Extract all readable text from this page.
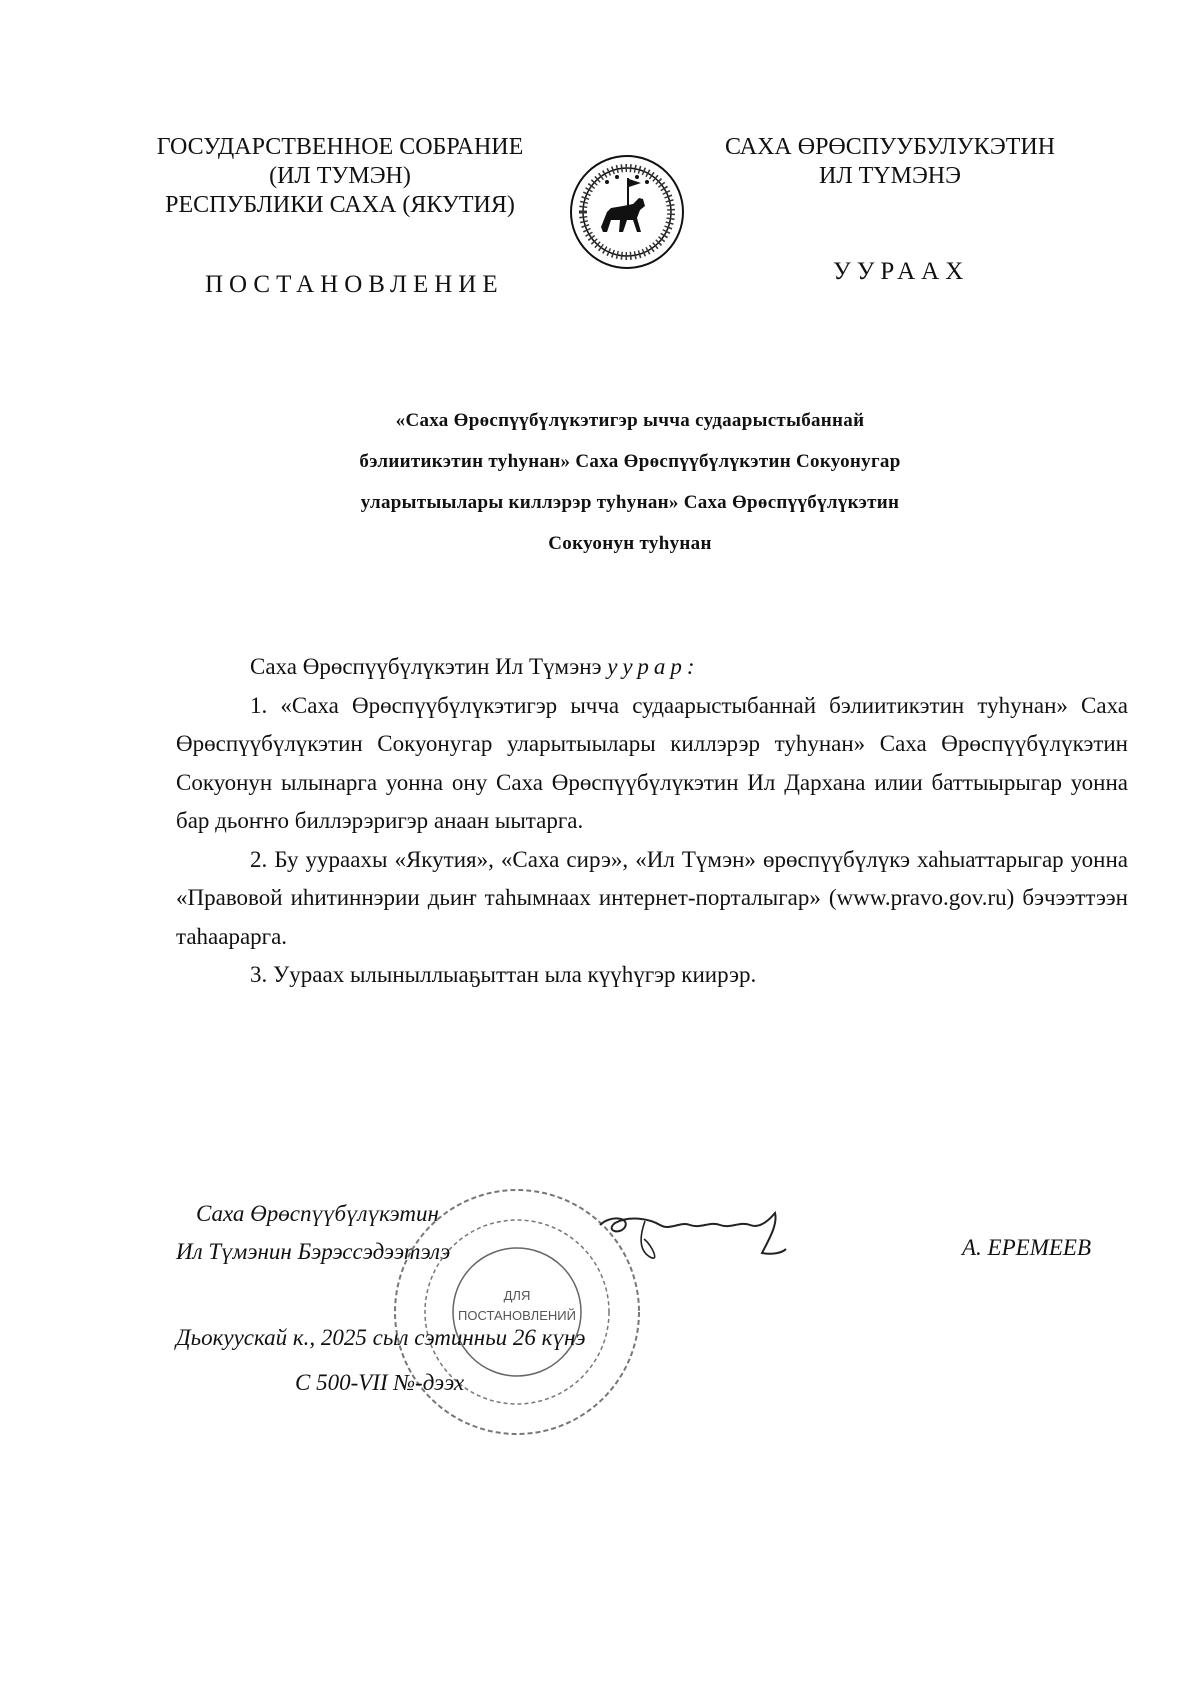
ГОСУДАРСТВЕННОЕ СОБРАНИЕ
(ИЛ ТУМЭН)
РЕСПУБЛИКИ САХА (ЯКУТИЯ)
САХА ӨРӨСПУУБУЛУКЭТИН
ИЛ ТҮМЭНЭ
ПОСТАНОВЛЕНИЕ	УУРААХ
«Саха Өрөспүүбүлүкэтигэр ычча судаарыстыбаннай
бэлиитикэтин туһунан» Саха Өрөспүүбүлүкэтин Сокуонугар
уларытыылары киллэрэр туһунан» Саха Өрөспүүбүлүкэтин
Сокуонун туһунан

Саха Өрөспүүбүлүкэтин Ил Түмэнэ уурар:

1. «Саха Өрөспүүбүлүкэтигэр ычча судаарыстыбаннай бэлиитикэтин туһунан» Саха Өрөспүүбүлүкэтин Сокуонугар уларытыылары киллэрэр туһунан» Саха Өрөспүүбүлүкэтин Сокуонун ылынарга уонна ону Саха Өрөспүүбүлүкэтин Ил Дарханa илии баттыырыгар уонна бар дьоҥҥо биллэрэригэр анаан ыытарга.

2. Бу уураахы «Якутия», «Саха сирэ», «Ил Түмэн» өрөспүүбүлүкэ хаһыаттарыгар уонна «Правовой иһитиннэрии дьиҥ таһымнаах интернет-порталыгар» (www.pravo.gov.ru) бэчээттээн таһаарарга.

3. Уураах ылыныллыаҕыттан ыла күүһүгэр киирэр.

Саха Өрөспүүбүлүкэтин
Ил Түмэнин Бэрэссэдээтэлэ	А. ЕРЕМЕЕВ
ДЛЯ
ПОСТАНОВЛЕНИЙ
Дьокуускай к., 2025 сыл сэтинньи 26 күнэ
С 500-VII №-дээх
